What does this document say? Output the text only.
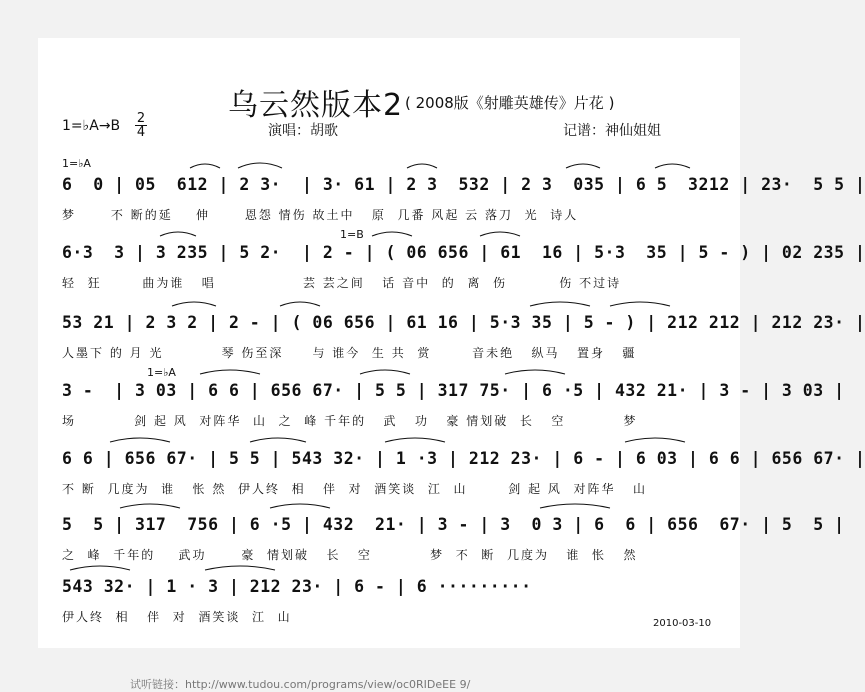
乌云然版本2 ( 2008版《射雕英雄传》片花 )
1=♭A→B 2
4	演唱：胡歌	记谱：神仙姐姐
1=♭A
1=B
1=♭A
6  0 | 05  612 | 2 3·  | 3· 61 | 2 3  532 | 2 3  035 | 6 5  3212 | 23·  5 5 |
梦      不 断的延    伸      恩怨 情伤 故土中   原  几番 风起 云 落刀  光  诗人
6·3  3 | 3 235 | 5 2·  | 2 - | ( 06 656 | 61  16 | 5·3  35 | 5 - ) | 02 235 |
轻  狂       曲为谁   唱               芸 芸之间   话 音中  的  离  伤         伤 不过诗
53 21 | 2 3 2 | 2 - | ( 06 656 | 61 16 | 5·3 35 | 5 - ) | 212 212 | 212 23· |
人墨下 的 月 光          琴 伤至深     与 谁今  生 共  赏       音未绝   纵马   置身   疆
3 -  | 3 03 | 6 6 | 656 67· | 5 5 | 317 75· | 6 ·5 | 432 21· | 3 - | 3 03 |
场          剑 起 风  对阵华  山  之  峰 千年的   武   功   豪 情划破  长   空          梦
6 6 | 656 67· | 5 5 | 543 32· | 1 ·3 | 212 23· | 6 - | 6 03 | 6 6 | 656 67· |
不 断  几度为  谁   怅 然  伊人终  相   伴  对  酒笑谈  江  山       剑 起 风  对阵华   山
5  5 | 317  756 | 6 ·5 | 432  21· | 3 - | 3  0 3 | 6  6 | 656  67· | 5  5 |
之  峰  千年的    武功      豪  情划破   长   空          梦  不  断  几度为   谁  怅   然
543 32· | 1 · 3 | 212 23· | 6 - | 6 ·········
伊人终  相   伴  对  酒笑谈  江  山	2010-03-10
试听链接：http://www.tudou.com/programs/view/oc0RIDeEE 9/
